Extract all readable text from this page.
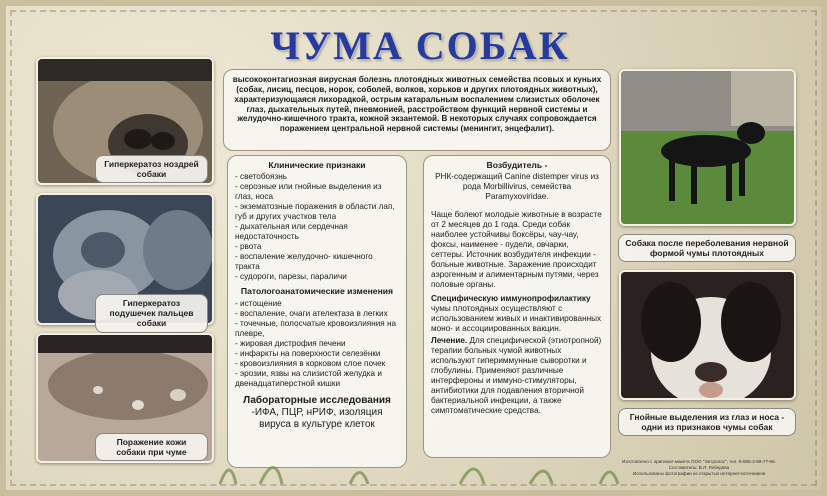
ЧУМА СОБАК
Гиперкератоз ноздрей собаки
Гиперкератоз подушечек пальцев собаки
Поражение кожи собаки при чуме
Собака после переболевания нервной формой чумы плотоядных
Гнойные выделения из глаз и носа - одни из признаков чумы собак
высококонтагиозная вирусная болезнь плотоядных животных семейства псовых и куньих (собак, лисиц, песцов, норок, соболей, волков, хорьков и других плотоядных животных), характеризующаяся лихорадкой, острым катаральным воспалением слизистых оболочек глаз, дыхательных путей, пневмонией, расстройством функций нервной системы и желудочно-кишечного тракта, кожной экзантемой. В некоторых случаях сопровождается поражением центральной нервной системы (менингит, энцефалит).
Клинические признаки
- светобоязнь
- серозные или гнойные выделения из глаз, носа
- экзематозные поражения в области лап, губ и других участков тела
- дыхательная или сердечная недостаточность
- рвота
- воспаление желудочно- кишечного тракта
- судороги, парезы, параличи
Патологоанатомические изменения
- истощение
- воспаление, очаги ателектаза в легких
- точечные, полосчатые кровоизлияния на плевре,
- жировая дистрофия печени
- инфаркты на поверхности селезёнки
- кровоизлияния в корковом слое почек
- эрозии, язвы на слизистой желудка и двенадцатиперстной кишки
Лабораторные исследования
-ИФА, ПЦР, нРИФ, изоляция вируса в культуре клеток
Возбудитель -
РНК-содержащий Canine distemper virus из рода Morbillivirus, семейства Paramyxoviridae.
Чаще болеют молодые животные в возрасте от 2 месяцев до 1 года. Среди собак наиболее устойчивы боксёры, чау-чау, фоксы, наименее - пудели, овчарки, сеттеры. Источник возбудителя инфекции - больные животные. Заражение происходит аэрогенным и алиментарным путями, через половые органы.
Специфическую иммунопрофилактику чумы плотоядных осуществляют с использованием живых и инактивированных моно- и ассоциированных вакцин.
Лечение. Для специфической (этиотропной) терапии больных чумой животных используют гипериммунные сыворотки и глобулины. Применяют различные интерфероны и иммуно-стимуляторы, антибиотики для подавления вторичной бактериальной инфекции, а также симптоматические средства.
Изготовлено с оригинал-макета ООО "Энтролос", тел. 8-865-2-99-77-66.
Составитель: В.Л. Лебедева
Использованы фотографии из открытых интернет-источников
